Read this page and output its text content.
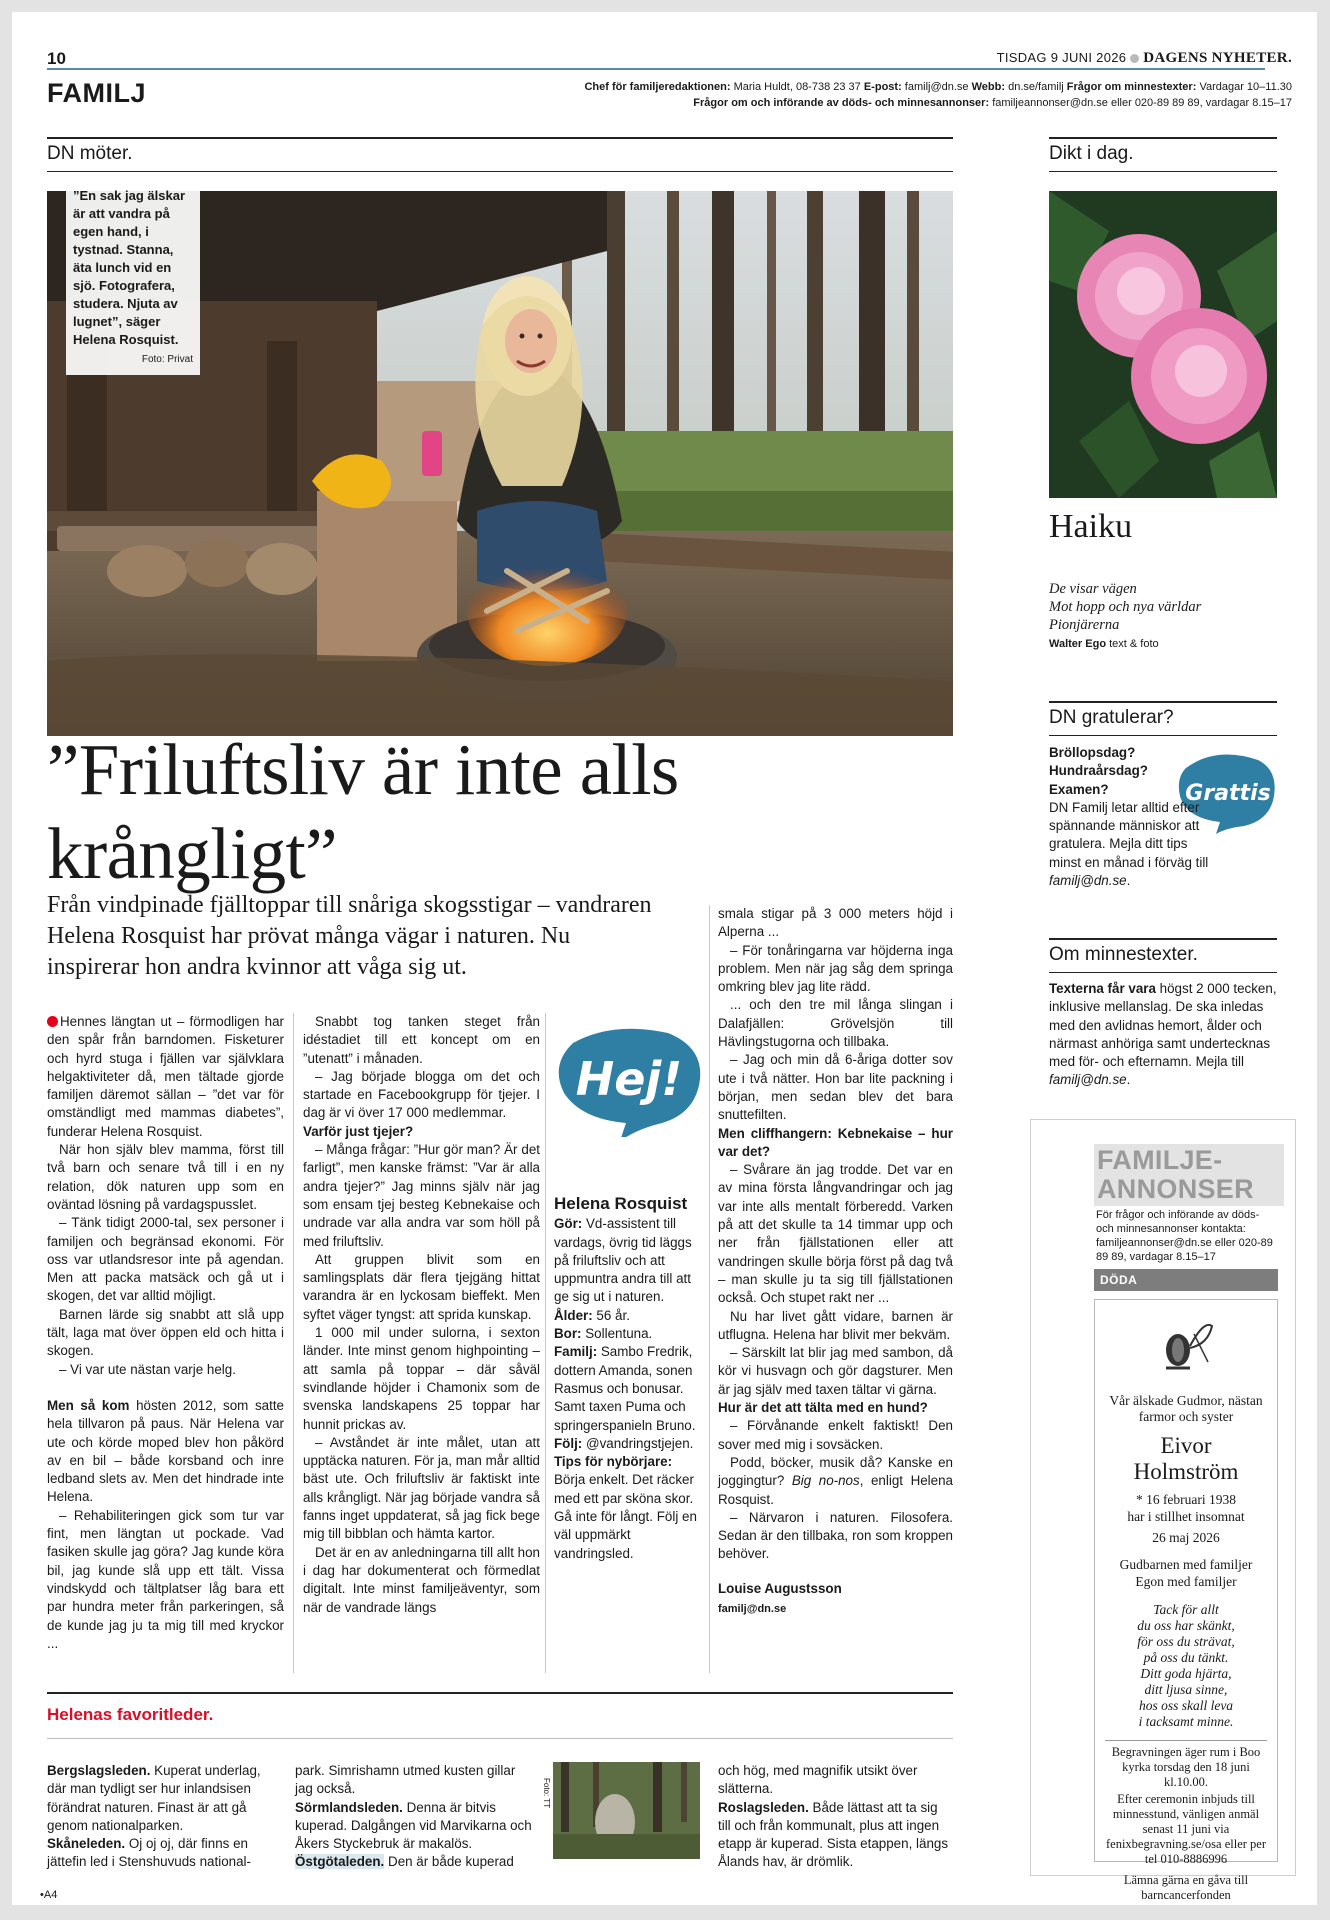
10	TISDAG 9 JUNI 2026 DAGENS NYHETER.
FAMILJ	Chef för familjeredaktionen: Maria Huldt, 08-738 23 37 E-post: familj@dn.se Webb: dn.se/familj Frågor om minnestexter: Vardagar 10–11.30
Frågor om och införande av döds- och minnesannonser: familjeannonser@dn.se eller 020-89 89 89, vardagar 8.15–17
DN möter.
”En sak jag älskar är att vandra på egen hand, i tystnad. Stanna, äta lunch vid en sjö. Fotografera, studera. Njuta av lugnet”, säger Helena Rosquist.
Foto: Privat
”Friluftsliv är inte alls krångligt”
Från vindpinade fjälltoppar till snåriga skogsstigar – vandraren Helena Rosquist har prövat många vägar i naturen. Nu inspirerar hon andra kvinnor att våga sig ut.

Hennes längtan ut – förmodligen har den spår från barndomen. Fisketurer och hyrd stuga i fjällen var självklara helgaktiviteter då, men tältade gjorde familjen däremot sällan – ”det var för omständligt med mammas diabetes”, funderar Helena Rosquist.

När hon själv blev mamma, först till två barn och senare två till i en ny relation, dök naturen upp som en oväntad lösning på vardagspusslet.

– Tänk tidigt 2000-tal, sex personer i familjen och begränsad ekonomi. För oss var utlandsresor inte på agendan. Men att packa matsäck och gå ut i skogen, det var alltid möjligt.

Barnen lärde sig snabbt att slå upp tält, laga mat över öppen eld och hitta i skogen.

– Vi var ute nästan varje helg.

Men så kom hösten 2012, som satte hela tillvaron på paus. När Helena var ute och körde moped blev hon påkörd av en bil – både korsband och inre ledband slets av. Men det hindrade inte Helena.

– Rehabiliteringen gick som tur var fint, men längtan ut pockade. Vad fasiken skulle jag göra? Jag kunde köra bil, jag kunde slå upp ett tält. Vissa vindskydd och tältplatser låg bara ett par hundra meter från parkeringen, så de kunde jag ju ta mig till med kryckor ...

Snabbt tog tanken steget från idéstadiet till ett koncept om en ”utenatt” i månaden.

– Jag började blogga om det och startade en Facebookgrupp för tjejer. I dag är vi över 17 000 medlemmar.

Varför just tjejer?

– Många frågar: ”Hur gör man? Är det farligt”, men kanske främst: ”Var är alla andra tjejer?” Jag minns själv när jag som ensam tjej besteg Kebnekaise och undrade var alla andra var som höll på med friluftsliv.

Att gruppen blivit som en samlingsplats där flera tjejgäng hittat varandra är en lyckosam bieffekt. Men syftet väger tyngst: att sprida kunskap.

1 000 mil under sulorna, i sexton länder. Inte minst genom highpointing – att samla på toppar – där såväl svindlande höjder i Chamonix som de svenska landskapens 25 toppar har hunnit prickas av.

– Avståndet är inte målet, utan att upptäcka naturen. För ja, man mår alltid bäst ute. Och friluftsliv är faktiskt inte alls krångligt. När jag började vandra så fanns inget uppdaterat, så jag fick bege mig till bibblan och hämta kartor.

Det är en av anledningarna till allt hon i dag har dokumenterat och förmedlat digitalt. Inte minst familjeäventyr, som när de vandrade längs

Hej!
Helena Rosquist
Gör: Vd-assistent till vardags, övrig tid läggs på friluftsliv och att uppmuntra andra till att ge sig ut i naturen.
Ålder: 56 år.
Bor: Sollentuna.
Familj: Sambo Fredrik, dottern Amanda, sonen Rasmus och bonusar. Samt taxen Puma och springerspanieln Bruno.
Följ: @vandringstjejen.
Tips för nybörjare:
Börja enkelt. Det räcker med ett par sköna skor. Gå inte för långt. Följ en väl uppmärkt vandringsled.

smala stigar på 3 000 meters höjd i Alperna ...

– För tonåringarna var höjderna inga problem. Men när jag såg dem springa omkring blev jag lite rädd.

... och den tre mil långa slingan i Dalafjällen: Grövelsjön till Hävlingstugorna och tillbaka.

– Jag och min då 6-åriga dotter sov ute i två nätter. Hon bar lite packning i början, men sedan blev det bara snuttefilten.

Men cliffhangern: Kebnekaise – hur var det?

– Svårare än jag trodde. Det var en av mina första långvandringar och jag var inte alls mentalt förberedd. Varken på att det skulle ta 14 timmar upp och ner från fjällstationen eller att vandringen skulle börja först på dag två – man skulle ju ta sig till fjällstationen också. Och stupet rakt ner ...

Nu har livet gått vidare, barnen är utflugna. Helena har blivit mer bekväm.

– Särskilt lat blir jag med sambon, då kör vi husvagn och gör dagsturer. Men är jag själv med taxen tältar vi gärna.

Hur är det att tälta med en hund?

– Förvånande enkelt faktiskt! Den sover med mig i sovsäcken.

Podd, böcker, musik då? Kanske en joggingtur? Big no-nos, enligt Helena Rosquist.

– Närvaron i naturen. Filosofera. Sedan är den tillbaka, ron som kroppen behöver.

Louise Augustsson

familj@dn.se

Helenas favoritleder.
Bergslagsleden. Kuperat underlag, där man tydligt ser hur inlandsisen förändrat naturen. Finast är att gå genom nationalparken.
Skåneleden. Oj oj oj, där finns en jättefin led i Stenshuvuds national-
park. Simrishamn utmed kusten gillar jag också.
Sörmlandsleden. Denna är bitvis kuperad. Dalgången vid Marvikarna och Åkers Styckebruk är makalös.
Östgötaleden. Den är både kuperad
Foto: TT
och hög, med magnifik utsikt över slätterna.
Roslagsleden. Både lättast att ta sig till och från kommunalt, plus att ingen etapp är kuperad. Sista etappen, längs Ålands hav, är drömlik.
Dikt i dag.
Haiku
De visar vägen
Mot hopp och nya världar
Pionjärerna
Walter Ego text & foto
DN gratulerar?
Grattis
Bröllopsdag?
Hundraårsdag?
Examen?
DN Familj letar alltid efter spännande människor att gratulera. Mejla ditt tips minst en månad i förväg till familj@dn.se.
Om minnestexter.
Texterna får vara högst 2 000 tecken, inklusive mellanslag. De ska inledas med den avlidnas hemort, ålder och närmast anhöriga samt undertecknas med för- och efternamn. Mejla till familj@dn.se.
FAMILJE-
ANNONSER
För frågor och införande av döds- och minnesannonser kontakta: familjeannonser@dn.se eller 020-89 89 89, vardagar 8.15–17
DÖDA
Vår älskade Gudmor, nästan farmor och syster
Eivor
Holmström
* 16 februari 1938
har i stillhet insomnat
26 maj 2026
Gudbarnen med familjer
Egon med familjer
Tack för allt
du oss har skänkt,
för oss du strävat,
på oss du tänkt.
Ditt goda hjärta,
ditt ljusa sinne,
hos oss skall leva
i tacksamt minne.
Begravningen äger rum i Boo kyrka torsdag den 18 juni kl.10.00.
Efter ceremonin inbjuds till minnesstund, vänligen anmäl senast 11 juni via fenixbegravning.se/osa eller per tel 010-8886996
Lämna gärna en gåva till barncancerfonden
•A4
